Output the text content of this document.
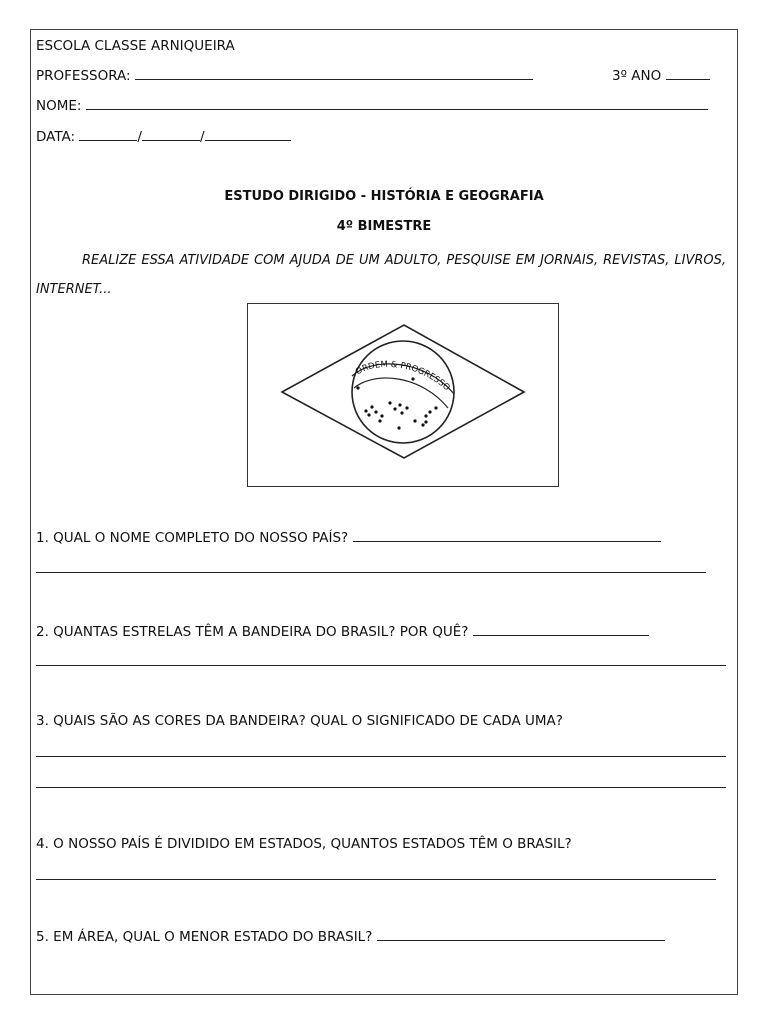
ESCOLA CLASSE ARNIQUEIRA
PROFESSORA:	3º ANO
NOME:
DATA:	/	/
ESTUDO DIRIGIDO - HISTÓRIA E GEOGRAFIA
4º BIMESTRE
REALIZE ESSA ATIVIDADE COM AJUDA DE UM ADULTO, PESQUISE EM JORNAIS, REVISTAS, LIVROS, INTERNET...
ORDEM & PROGRESSO
1. QUAL O NOME COMPLETO DO NOSSO PAÍS?
2. QUANTAS ESTRELAS TÊM A BANDEIRA DO BRASIL? POR QUÊ?
3. QUAIS SÃO AS CORES DA BANDEIRA? QUAL O SIGNIFICADO DE CADA UMA?
4. O NOSSO PAÍS É DIVIDIDO EM ESTADOS, QUANTOS ESTADOS TÊM O BRASIL?
5. EM ÁREA, QUAL O MENOR ESTADO DO BRASIL?
